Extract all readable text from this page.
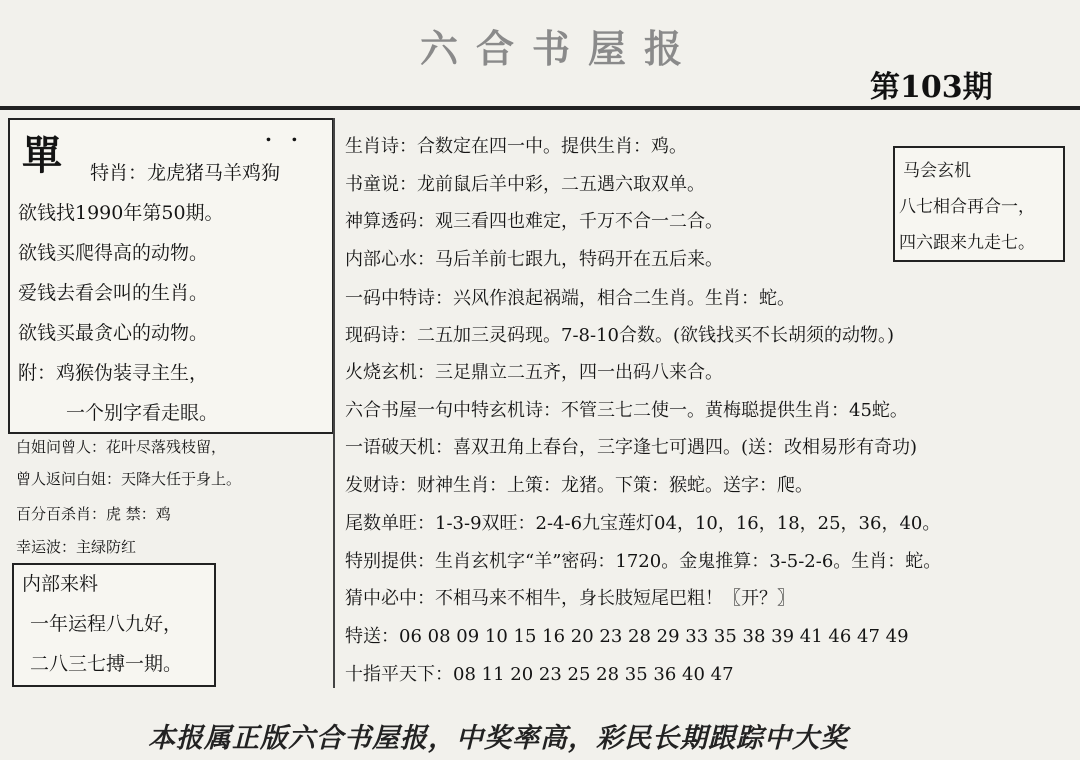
六合书屋报
第103期
單	. .
特肖：龙虎猪马羊鸡狗
欲钱找1990年第50期。
欲钱买爬得高的动物。
爱钱去看会叫的生肖。
欲钱买最贪心的动物。
附：鸡猴伪装寻主生，
一个别字看走眼。
白姐问曾人：花叶尽落残枝留，
曾人返问白姐：天降大任于身上。
百分百杀肖：虎 禁：鸡
幸运波：主绿防红
内部来料
一年运程八九好，
二八三七搏一期。
马会玄机
八七相合再合一，
四六跟来九走七。
生肖诗：合数定在四一中。提供生肖：鸡。
书童说：龙前鼠后羊中彩，二五遇六取双单。
神算透码：观三看四也难定，千万不合一二合。
内部心水：马后羊前七跟九，特码开在五后来。
一码中特诗：兴风作浪起祸端，相合二生肖。生肖：蛇。
现码诗：二五加三灵码现。7-8-10合数。(欲钱找买不长胡须的动物。)
火烧玄机：三足鼎立二五齐，四一出码八来合。
六合书屋一句中特玄机诗：不管三七二使一。黄梅聪提供生肖：45蛇。
一语破天机：喜双丑角上春台，三字逢七可遇四。(送：改相易形有奇功)
发财诗：财神生肖：上策：龙猪。下策：猴蛇。送字：爬。
尾数单旺：1-3-9双旺：2-4-6九宝莲灯04，10，16，18，25，36，40。
特别提供：生肖玄机字“羊”密码：1720。金鬼推算：3-5-2-6。生肖：蛇。
猜中必中：不相马来不相牛，身长肢短尾巴粗！〖开？〗
特送：06 08 09 10 15 16 20 23 28 29 33 35 38 39 41 46 47 49
十指平天下：08 11 20 23 25 28 35 36 40 47
本报属正版六合书屋报，中奖率高，彩民长期跟踪中大奖
